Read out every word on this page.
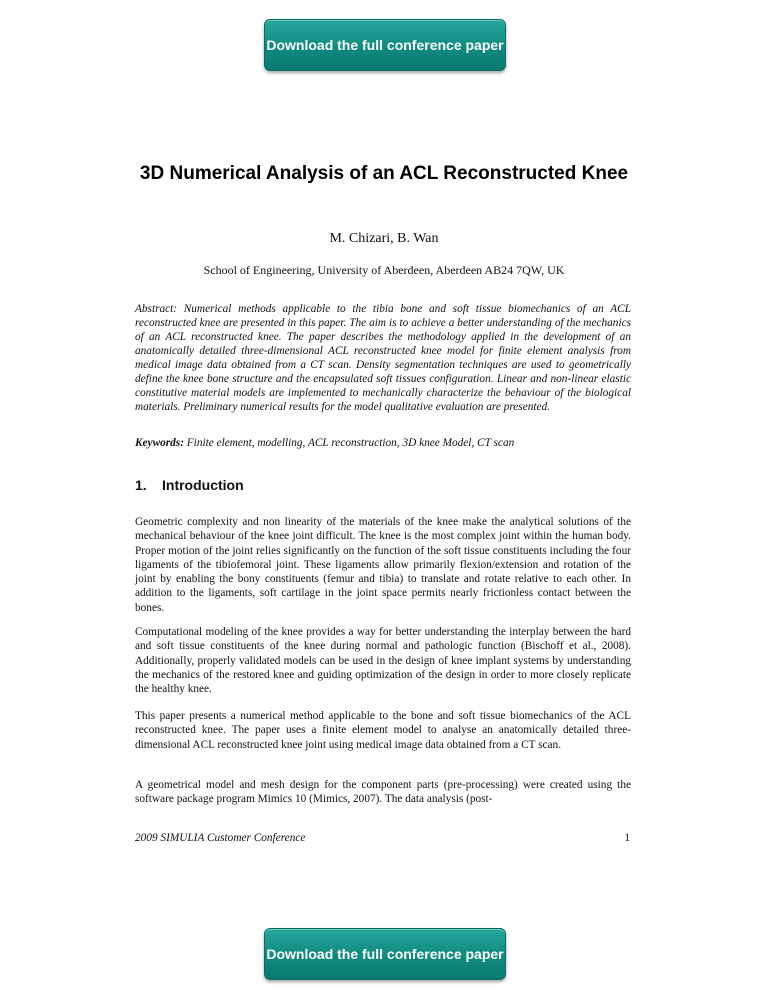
Download the full conference paper
3D Numerical Analysis of an ACL Reconstructed Knee
M. Chizari, B. Wan
School of Engineering, University of Aberdeen, Aberdeen AB24 7QW, UK

Abstract: Numerical methods applicable to the tibia bone and soft tissue biomechanics of an ACL reconstructed knee are presented in this paper. The aim is to achieve a better understanding of the mechanics of an ACL reconstructed knee. The paper describes the methodology applied in the development of an anatomically detailed three-dimensional ACL reconstructed knee model for finite element analysis from medical image data obtained from a CT scan. Density segmentation techniques are used to geometrically define the knee bone structure and the encapsulated soft tissues configuration. Linear and non-linear elastic constitutive material models are implemented to mechanically characterize the behaviour of the biological materials. Preliminary numerical results for the model qualitative evaluation are presented.

Keywords: Finite element, modelling, ACL reconstruction, 3D knee Model, CT scan

1. Introduction

Geometric complexity and non linearity of the materials of the knee make the analytical solutions of the mechanical behaviour of the knee joint difficult. The knee is the most complex joint within the human body. Proper motion of the joint relies significantly on the function of the soft tissue constituents including the four ligaments of the tibiofemoral joint. These ligaments allow primarily flexion/extension and rotation of the joint by enabling the bony constituents (femur and tibia) to translate and rotate relative to each other. In addition to the ligaments, soft cartilage in the joint space permits nearly frictionless contact between the bones.

Computational modeling of the knee provides a way for better understanding the interplay between the hard and soft tissue constituents of the knee during normal and pathologic function (Bischoff et al., 2008). Additionally, properly validated models can be used in the design of knee implant systems by understanding the mechanics of the restored knee and guiding optimization of the design in order to more closely replicate the healthy knee.

This paper presents a numerical method applicable to the bone and soft tissue biomechanics of the ACL reconstructed knee. The paper uses a finite element model to analyse an anatomically detailed three-dimensional ACL reconstructed knee joint using medical image data obtained from a CT scan.

A geometrical model and mesh design for the component parts (pre-processing) were created using the software package program Mimics 10 (Mimics, 2007). The data analysis (post-

2009 SIMULIA Customer Conference	1
Download the full conference paper
